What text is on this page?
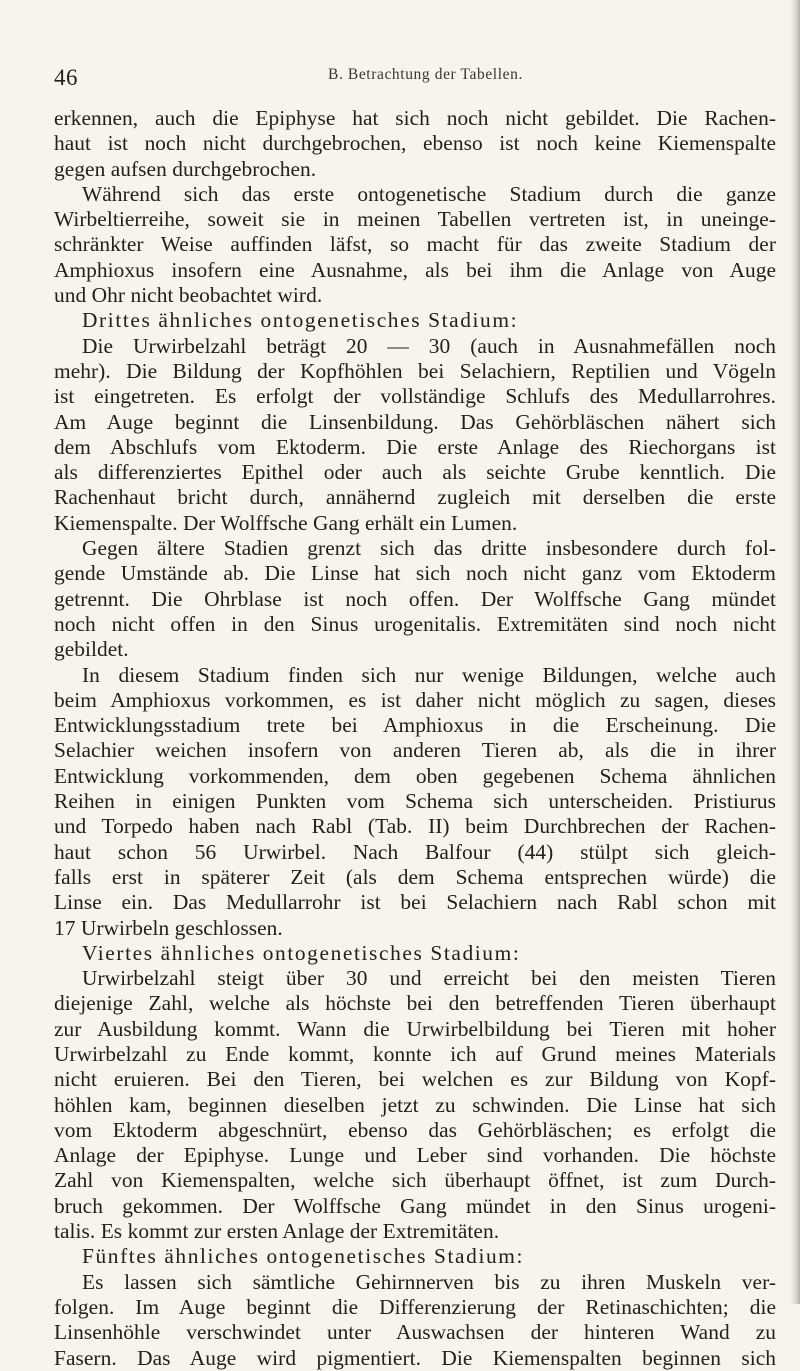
46	B. Betrachtung der Tabellen.
erkennen, auch die Epiphyse hat sich noch nicht gebildet. Die Rachen-
haut ist noch nicht durchgebrochen, ebenso ist noch keine Kiemenspalte
gegen aufsen durchgebrochen.
Während sich das erste ontogenetische Stadium durch die ganze
Wirbeltierreihe, soweit sie in meinen Tabellen vertreten ist, in uneinge-
schränkter Weise auffinden läfst, so macht für das zweite Stadium der
Amphioxus insofern eine Ausnahme, als bei ihm die Anlage von Auge
und Ohr nicht beobachtet wird.
Drittes ähnliches ontogenetisches Stadium:
Die Urwirbelzahl beträgt 20 — 30 (auch in Ausnahmefällen noch
mehr). Die Bildung der Kopfhöhlen bei Selachiern, Reptilien und Vögeln
ist eingetreten. Es erfolgt der vollständige Schlufs des Medullarrohres.
Am Auge beginnt die Linsenbildung. Das Gehörbläschen nähert sich
dem Abschlufs vom Ektoderm. Die erste Anlage des Riechorgans ist
als differenziertes Epithel oder auch als seichte Grube kenntlich. Die
Rachenhaut bricht durch, annähernd zugleich mit derselben die erste
Kiemenspalte. Der Wolffsche Gang erhält ein Lumen.
Gegen ältere Stadien grenzt sich das dritte insbesondere durch fol-
gende Umstände ab. Die Linse hat sich noch nicht ganz vom Ektoderm
getrennt. Die Ohrblase ist noch offen. Der Wolffsche Gang mündet
noch nicht offen in den Sinus urogenitalis. Extremitäten sind noch nicht
gebildet.
In diesem Stadium finden sich nur wenige Bildungen, welche auch
beim Amphioxus vorkommen, es ist daher nicht möglich zu sagen, dieses
Entwicklungsstadium trete bei Amphioxus in die Erscheinung. Die
Selachier weichen insofern von anderen Tieren ab, als die in ihrer
Entwicklung vorkommenden, dem oben gegebenen Schema ähnlichen
Reihen in einigen Punkten vom Schema sich unterscheiden. Pristiurus
und Torpedo haben nach Rabl (Tab. II) beim Durchbrechen der Rachen-
haut schon 56 Urwirbel. Nach Balfour (44) stülpt sich gleich-
falls erst in späterer Zeit (als dem Schema entsprechen würde) die
Linse ein. Das Medullarrohr ist bei Selachiern nach Rabl schon mit
17 Urwirbeln geschlossen.
Viertes ähnliches ontogenetisches Stadium:
Urwirbelzahl steigt über 30 und erreicht bei den meisten Tieren
diejenige Zahl, welche als höchste bei den betreffenden Tieren überhaupt
zur Ausbildung kommt. Wann die Urwirbelbildung bei Tieren mit hoher
Urwirbelzahl zu Ende kommt, konnte ich auf Grund meines Materials
nicht eruieren. Bei den Tieren, bei welchen es zur Bildung von Kopf-
höhlen kam, beginnen dieselben jetzt zu schwinden. Die Linse hat sich
vom Ektoderm abgeschnürt, ebenso das Gehörbläschen; es erfolgt die
Anlage der Epiphyse. Lunge und Leber sind vorhanden. Die höchste
Zahl von Kiemenspalten, welche sich überhaupt öffnet, ist zum Durch-
bruch gekommen. Der Wolffsche Gang mündet in den Sinus urogeni-
talis. Es kommt zur ersten Anlage der Extremitäten.
Fünftes ähnliches ontogenetisches Stadium:
Es lassen sich sämtliche Gehirnnerven bis zu ihren Muskeln ver-
folgen. Im Auge beginnt die Differenzierung der Retinaschichten; die
Linsenhöhle verschwindet unter Auswachsen der hinteren Wand zu
Fasern. Das Auge wird pigmentiert. Die Kiemenspalten beginnen sich
